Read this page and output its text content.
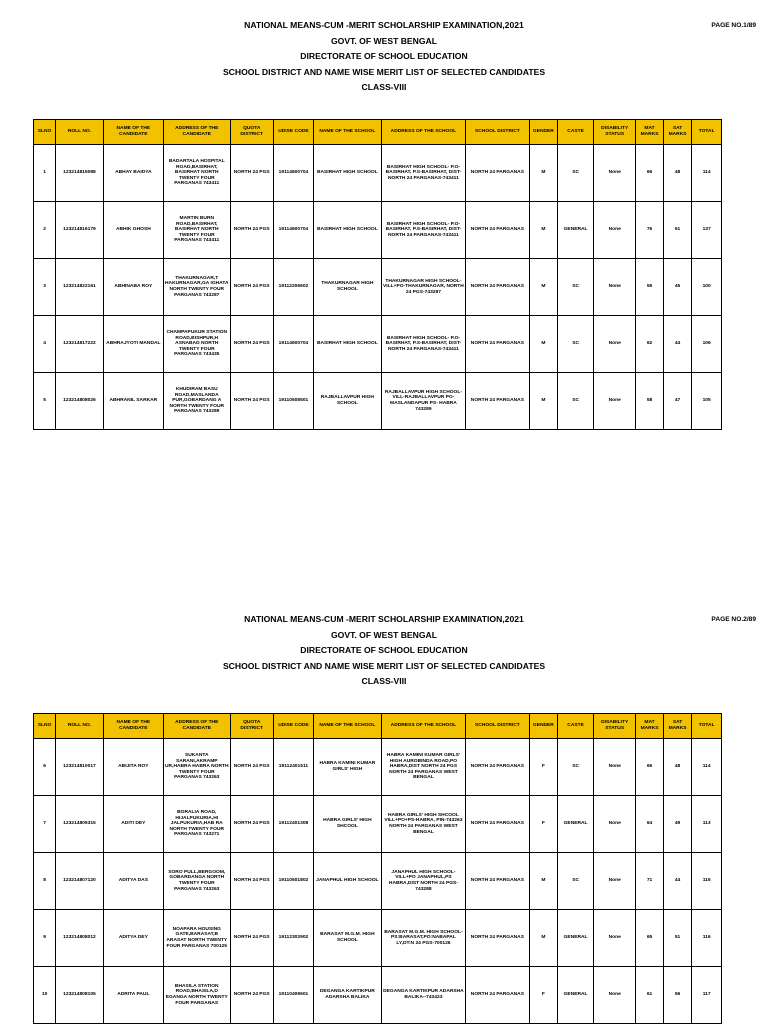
PAGE NO.1/89
NATIONAL MEANS-CUM -MERIT SCHOLARSHIP EXAMINATION,2021
GOVT. OF WEST BENGAL
DIRECTORATE OF SCHOOL EDUCATION
SCHOOL DISTRICT AND NAME WISE MERIT LIST OF SELECTED CANDIDATES
CLASS-VIII
SLNO	ROLL NO.	NAME OF THE CANDIDATE	ADDRESS OF THE CANDIDATE	QUOTA DISTRICT	UDISE CODE	NAME OF THE SCHOOL	ADDRESS OF THE SCHOOL	SCHOOL DISTRICT	GENDER	CASTE	DISABILITY STATUS	MAT MARKS	SAT MARKS	TOTAL
1	123214815088	ABHAY BAIDYA	BADARTALA HOSPITAL ROAD,BASIRHAT, BASIRHAT NORTH TWENTY FOUR PARGANAS 743411	NORTH 24 PGS	19114600704	BASIRHAT HIGH SCHOOL	BASIRHAT HIGH SCHOOL- P.O-BASIRHAT, P.S-BASIRHAT, DIST-NORTH 24 PARGANAS-743411	NORTH 24 PARGANAS	M	SC	None	66	48	114
2	123214816179	ABHIK GHOSH	MARTIN BURN ROAD,BASIRHAT, BASIRHAT NORTH TWENTY FOUR PARGANAS 743411	NORTH 24 PGS	19114600704	BASIRHAT HIGH SCHOOL	BASIRHAT HIGH SCHOOL- P.O-BASIRHAT, P.S-BASIRHAT, DIST-NORTH 24 PARGANAS-743411	NORTH 24 PARGANAS	M	GENERAL	None	76	61	137
3	123214822161	ABHINABA ROY	THAKURNAGAR,T HAKURNAGAR,GA IGHATA NORTH TWENTY FOUR PARGANAS 743287	NORTH 24 PGS	19112206602	THAKURNAGAR HIGH SCHOOL	THAKURNAGAR HIGH SCHOOL-VILL+PO-THAKURNAGAR, NORTH 24 PGS-743287	NORTH 24 PARGANAS	M	SC	None	55	45	100
4	123214817222	ABHRAJYOTI MANDAL	CHAMPAPUKUR STATION ROAD,BISHPUR,H ASNABAD NORTH TWENTY FOUR PARGANAS 743435	NORTH 24 PGS	19114600704	BASIRHAT HIGH SCHOOL	BASIRHAT HIGH SCHOOL- P.O-BASIRHAT, P.S-BASIRHAT, DIST-NORTH 24 PARGANAS-743411	NORTH 24 PARGANAS	M	SC	None	62	44	106
5	123214808026	ABHRANIL SARKAR	KHUDIRAM BASU ROAD,MASLANDA PUR,GOBARDANG A NORTH TWENTY FOUR PARGANAS 743289	NORTH 24 PGS	19110508501	RAJBALLAVPUR HIGH SCHOOL	RAJBALLAVPUR HIGH SCHOOL-VILL-RAJBALLAVPUR PO-MASLANDAPUR PS- HABRA 743289	NORTH 24 PARGANAS	M	SC	None	58	47	105
PAGE NO.2/89
NATIONAL MEANS-CUM -MERIT SCHOLARSHIP EXAMINATION,2021
GOVT. OF WEST BENGAL
DIRECTORATE OF SCHOOL EDUCATION
SCHOOL DISTRICT AND NAME WISE MERIT LIST OF SELECTED CANDIDATES
CLASS-VIII
SLNO	ROLL NO.	NAME OF THE CANDIDATE	ADDRESS OF THE CANDIDATE	QUOTA DISTRICT	UDISE CODE	NAME OF THE SCHOOL	ADDRESS OF THE SCHOOL	SCHOOL DISTRICT	GENDER	CASTE	DISABILITY STATUS	MAT MARKS	SAT MARKS	TOTAL
6	123214810017	ABIJITA ROY	SUKANTA SARANI,AKRAMP UR,HABRA HABRA NORTH TWENTY FOUR PARGANAS 743263	NORTH 24 PGS	19112401511	HABRA KAMINI KUMAR GIRLS' HIGH	HABRA KAMINI KUMAR GIRLS' HIGH AUROBINDA ROAD,PO HABRA,DIST NORTH 24 PGS NORTH 24 PARGANAS WEST BENGAL	NORTH 24 PARGANAS	F	SC	None	66	48	114
7	123214809315	ADITI DEY	BORALIA ROAD, HIJALPUKURIA,HI JALPUKURIA,HAB RA NORTH TWENTY FOUR PARGANAS 743271	NORTH 24 PGS	19112401308	HABRA GIRLS' HIGH SHCOOL	HABRA GIRLS' HIGH SHCOOL VILL+PO+PS-HABRA, PIN-743263 NORTH 24 PARGANAS WEST BENGAL	NORTH 24 PARGANAS	F	GENERAL	None	64	49	113
8	123214807120	ADITYA DAS	SORO PULL,BERGOOM, GOBARDANGA NORTH TWENTY FOUR PARGANAS 743263	NORTH 24 PGS	19110501802	JANAPHUL HIGH SCHOOL	JANAPHUL HIGH SCHOOL-VILL+PO JANAPHUL,PS HABRA,DIST NORTH 24 PGS-743288	NORTH 24 PARGANAS	M	SC	None	71	44	115
9	123214808012	ADITYA DEY	NOAPARA HOUSING GATE,BARASAT,B ARASAT NORTH TWENTY FOUR PARGANAS 700125	NORTH 24 PGS	19112302902	BARASAT M.G.M. HIGH SCHOOL	BARASAT M.G.M. HIGH SCHOOL-PS:BARASAT,PO:NABAPAL LY,DT:N 24 PGS-700126	NORTH 24 PARGANAS	M	GENERAL	None	65	51	116
10	123214808105	ADRITA PAUL	BHASILA STATION ROAD,BHASILA,D EGANGA NORTH TWENTY FOUR PARGANAS	NORTH 24 PGS	19110409601	DEGANGA KARTIKPUR ADARSHA BALIKA	DEGANGA KARTIKPUR ADARSHA BALIKA--743423	NORTH 24 PARGANAS	F	GENERAL	None	61	56	117
